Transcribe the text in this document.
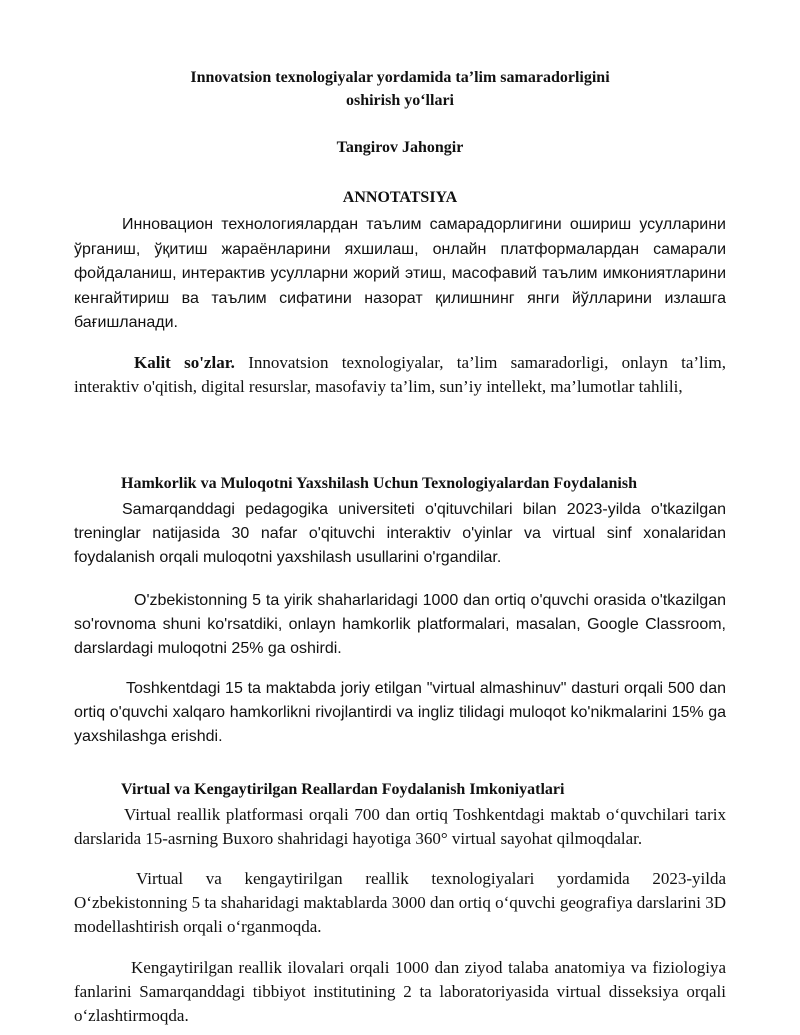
Innovatsion texnologiyalar yordamida ta’lim samaradorligini
oshirish yo‘llari

Tangirov Jahongir

ANNOTATSIYA

Инновацион технологиялардан таълим самарадорлигини ошириш усулларини ўрганиш, ўқитиш жараёнларини яхшилаш, онлайн платформалардан самарали фойдаланиш, интерактив усулларни жорий этиш, масофавий таълим имкониятларини кенгайтириш ва таълим сифатини назорат қилишнинг янги йўлларини излашга бағишланади.

Kalit so'zlar. Innovatsion texnologiyalar, ta’lim samaradorligi, onlayn ta’lim, interaktiv o'qitish, digital resurslar, masofaviy ta’lim, sun’iy intellekt, ma’lumotlar tahlili,

Hamkorlik va Muloqotni Yaxshilash Uchun Texnologiyalardan Foydalanish

Samarqanddagi pedagogika universiteti o'qituvchilari bilan 2023-yilda o'tkazilgan treninglar natijasida 30 nafar o'qituvchi interaktiv o'yinlar va virtual sinf xonalaridan foydalanish orqali muloqotni yaxshilash usullarini o'rgandilar.

O'zbekistonning 5 ta yirik shaharlaridagi 1000 dan ortiq o'quvchi orasida o'tkazilgan so'rovnoma shuni ko'rsatdiki, onlayn hamkorlik platformalari, masalan, Google Classroom, darslardagi muloqotni 25% ga oshirdi.

Toshkentdagi 15 ta maktabda joriy etilgan "virtual almashinuv" dasturi orqali 500 dan ortiq o'quvchi xalqaro hamkorlikni rivojlantirdi va ingliz tilidagi muloqot ko'nikmalarini 15% ga yaxshilashga erishdi.

Virtual va Kengaytirilgan Reallardan Foydalanish Imkoniyatlari

Virtual reallik platformasi orqali 700 dan ortiq Toshkentdagi maktab o‘quvchilari tarix darslarida 15-asrning Buxoro shahridagi hayotiga 360° virtual sayohat qilmoqdalar.

Virtual va kengaytirilgan reallik texnologiyalari yordamida 2023-yilda O‘zbekistonning 5 ta shaharidagi maktablarda 3000 dan ortiq o‘quvchi geografiya darslarini 3D modellashtirish orqali o‘rganmoqda.

Kengaytirilgan reallik ilovalari orqali 1000 dan ziyod talaba anatomiya va fiziologiya fanlarini Samarqanddagi tibbiyot institutining 2 ta laboratoriyasida virtual disseksiya orqali o‘zlashtirmoqda.
